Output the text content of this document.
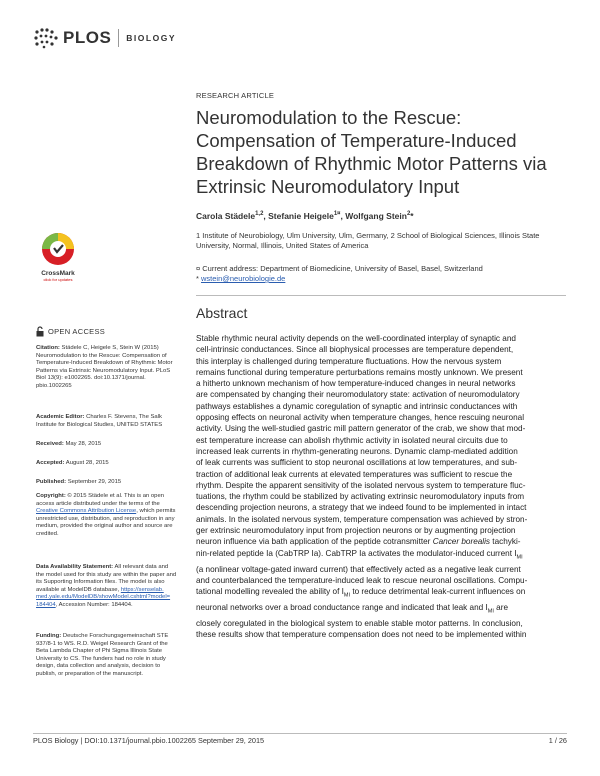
PLOS BIOLOGY
RESEARCH ARTICLE
Neuromodulation to the Rescue:
Compensation of Temperature-Induced
Breakdown of Rhythmic Motor Patterns via
Extrinsic Neuromodulatory Input
Carola Städele$^{1,2}$, Stefanie Heigele$^{1¤}$, Wolfgang Stein$^2$*
1 Institute of Neurobiology, Ulm University, Ulm, Germany, 2 School of Biological Sciences, Illinois State
University, Normal, Illinois, United States of America
¤ Current address: Department of Biomedicine, University of Basel, Basel, Switzerland
* wstein@neurobiologie.de
Abstract
Stable rhythmic neural activity depends on the well-coordinated interplay of synaptic and
cell-intrinsic conductances. Since all biophysical processes are temperature dependent,
this interplay is challenged during temperature fluctuations. How the nervous system
remains functional during temperature perturbations remains mostly unknown. We present
a hitherto unknown mechanism of how temperature-induced changes in neural networks
are compensated by changing their neuromodulatory state: activation of neuromodulatory
pathways establishes a dynamic coregulation of synaptic and intrinsic conductances with
opposing effects on neuronal activity when temperature changes, hence rescuing neuronal
activity. Using the well-studied gastric mill pattern generator of the crab, we show that mod-
est temperature increase can abolish rhythmic activity in isolated neural circuits due to
increased leak currents in rhythm-generating neurons. Dynamic clamp-mediated addition
of leak currents was sufficient to stop neuronal oscillations at low temperatures, and sub-
traction of additional leak currents at elevated temperatures was sufficient to rescue the
rhythm. Despite the apparent sensitivity of the isolated nervous system to temperature fluc-
tuations, the rhythm could be stabilized by activating extrinsic neuromodulatory inputs from
descending projection neurons, a strategy that we indeed found to be implemented in intact
animals. In the isolated nervous system, temperature compensation was achieved by stron-
ger extrinsic neuromodulatory input from projection neurons or by augmenting projection
neuron influence via bath application of the peptide cotransmitter Cancer borealis tachyki-
nin-related peptide Ia (CabTRP Ia). CabTRP Ia activates the modulator-induced current $I_{MI}$
(a nonlinear voltage-gated inward current) that effectively acted as a negative leak current
and counterbalanced the temperature-induced leak to rescue neuronal oscillations. Compu-
tational modelling revealed the ability of $I_{MI}$ to reduce detrimental leak-current influences on
neuronal networks over a broad conductance range and indicated that leak and $I_{MI}$ are
closely coregulated in the biological system to enable stable motor patterns. In conclusion,
these results show that temperature compensation does not need to be implemented within
CrossMark
click for updates
OPEN ACCESS
Citation: Städele C, Heigele S, Stein W (2015)
Neuromodulation to the Rescue: Compensation of
Temperature-Induced Breakdown of Rhythmic Motor
Patterns via Extrinsic Neuromodulatory Input. PLoS
Biol 13(9): e1002265. doi:10.1371/journal.
pbio.1002265
Academic Editor: Charles F. Stevens, The Salk
Institute for Biological Studies, UNITED STATES
Received: May 28, 2015
Accepted: August 28, 2015
Published: September 29, 2015
Copyright: © 2015 Städele et al. This is an open
access article distributed under the terms of the
Creative Commons Attribution License, which permits
unrestricted use, distribution, and reproduction in any
medium, provided the original author and source are
credited.
Data Availability Statement: All relevant data and
the model used for this study are within the paper and
its Supporting Information files. The model is also
available at ModelDB database, https://senselab.
med.yale.edu/ModelDB/showModel.cshtml?model=
184404, Accession Number: 184404.
Funding: Deutsche Forschungsgemeinschaft STE
937/8-1 to WS. R.D. Weigel Research Grant of the
Beta Lambda Chapter of Phi Sigma Illinois State
University to CS. The funders had no role in study
design, data collection and analysis, decision to
publish, or preparation of the manuscript.
PLOS Biology | DOI:10.1371/journal.pbio.1002265 September 29, 2015	1 / 26
